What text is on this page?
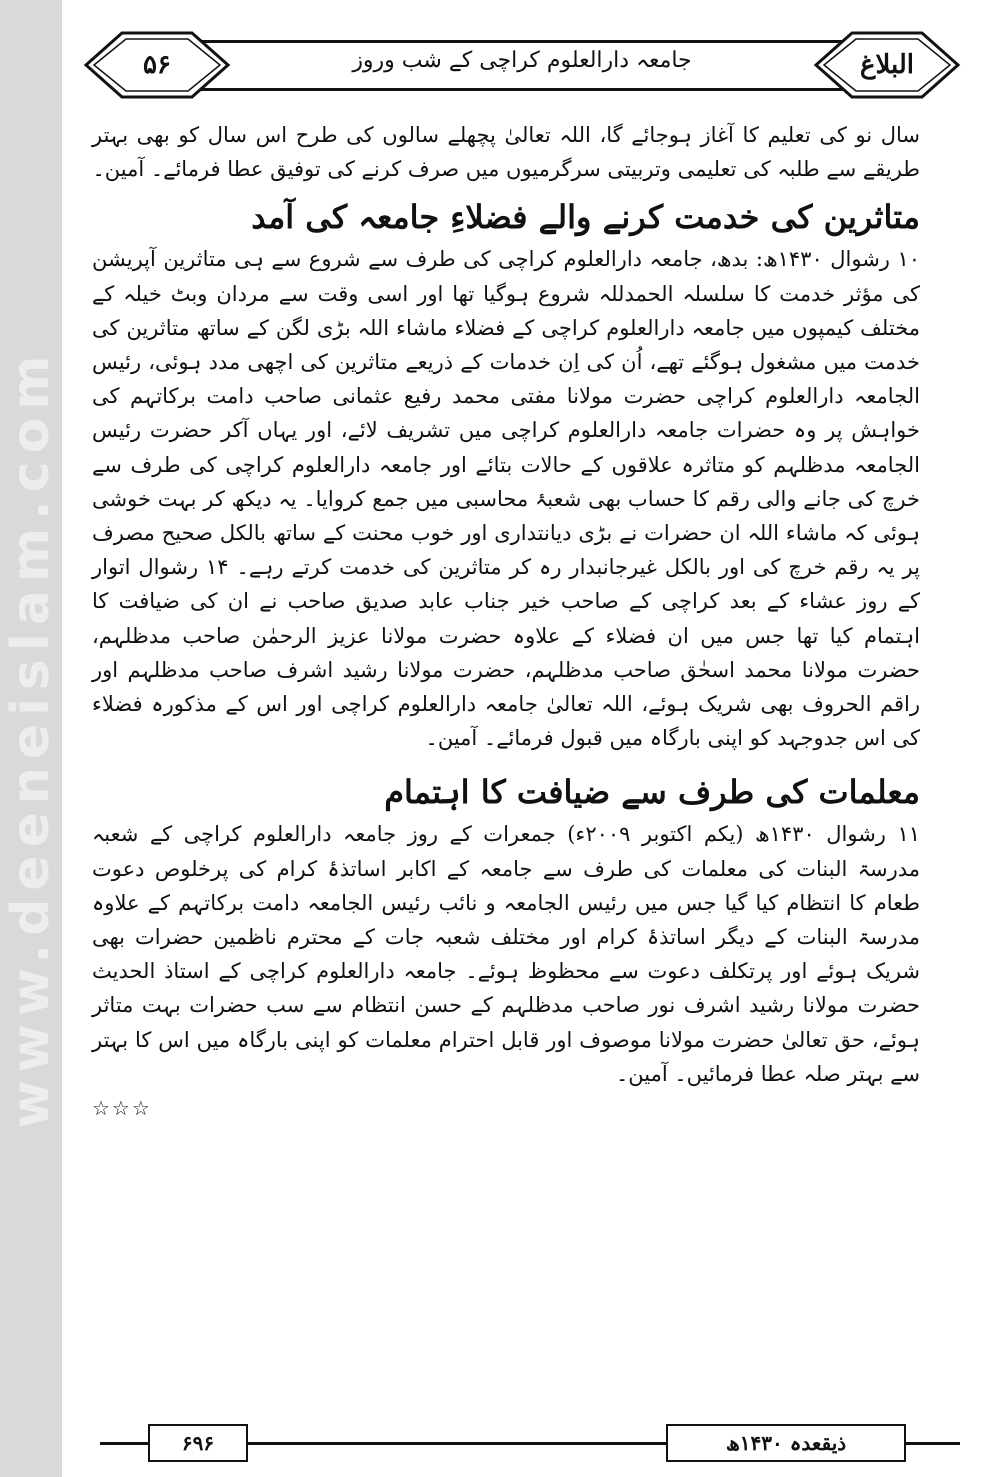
www.deeneislam.com
۵۶	جامعہ دارالعلوم کراچی کے شب وروز	البلاغ

سال نو کی تعلیم کا آغاز ہوجائے گا، اللہ تعالیٰ پچھلے سالوں کی طرح اس سال کو بھی بہتر طریقے سے طلبہ کی تعلیمی وتربیتی سرگرمیوں میں صرف کرنے کی توفیق عطا فرمائے۔ آمین۔

متاثرین کی خدمت کرنے والے فضلاءِ جامعہ کی آمد

۱۰ رشوال ۱۴۳۰ھ: بدھ، جامعہ دارالعلوم کراچی کی طرف سے شروع سے ہی متاثرین آپریشن کی مؤثر خدمت کا سلسلہ الحمدللہ شروع ہوگیا تھا اور اسی وقت سے مردان وبٹ خیلہ کے مختلف کیمپوں میں جامعہ دارالعلوم کراچی کے فضلاء ماشاء اللہ بڑی لگن کے ساتھ متاثرین کی خدمت میں مشغول ہوگئے تھے، اُن کی اِن خدمات کے ذریعے متاثرین کی اچھی مدد ہوئی، رئیس الجامعہ دارالعلوم کراچی حضرت مولانا مفتی محمد رفیع عثمانی صاحب دامت برکاتہم کی خواہش پر وہ حضرات جامعہ دارالعلوم کراچی میں تشریف لائے، اور یہاں آکر حضرت رئیس الجامعہ مدظلہم کو متاثرہ علاقوں کے حالات بتائے اور جامعہ دارالعلوم کراچی کی طرف سے خرچ کی جانے والی رقم کا حساب بھی شعبۂ محاسبی میں جمع کروایا۔ یہ دیکھ کر بہت خوشی ہوئی کہ ماشاء اللہ ان حضرات نے بڑی دیانتداری اور خوب محنت کے ساتھ بالکل صحیح مصرف پر یہ رقم خرچ کی اور بالکل غیرجانبدار رہ کر متاثرین کی خدمت کرتے رہے۔ ۱۴ رشوال اتوار کے روز عشاء کے بعد کراچی کے صاحب خیر جناب عابد صدیق صاحب نے ان کی ضیافت کا اہتمام کیا تھا جس میں ان فضلاء کے علاوہ حضرت مولانا عزیز الرحمٰن صاحب مدظلہم، حضرت مولانا محمد اسحٰق صاحب مدظلہم، حضرت مولانا رشید اشرف صاحب مدظلہم اور راقم الحروف بھی شریک ہوئے، اللہ تعالیٰ جامعہ دارالعلوم کراچی اور اس کے مذکورہ فضلاء کی اس جدوجہد کو اپنی بارگاہ میں قبول فرمائے۔ آمین۔

معلمات کی طرف سے ضیافت کا اہتمام

۱۱ رشوال ۱۴۳۰ھ (یکم اکتوبر ۲۰۰۹ء) جمعرات کے روز جامعہ دارالعلوم کراچی کے شعبہ مدرسۃ البنات کی معلمات کی طرف سے جامعہ کے اکابر اساتذۂ کرام کی پرخلوص دعوت طعام کا انتظام کیا گیا جس میں رئیس الجامعہ و نائب رئیس الجامعہ دامت برکاتہم کے علاوہ مدرسۃ البنات کے دیگر اساتذۂ کرام اور مختلف شعبہ جات کے محترم ناظمین حضرات بھی شریک ہوئے اور پرتکلف دعوت سے محظوظ ہوئے۔ جامعہ دارالعلوم کراچی کے استاذ الحدیث حضرت مولانا رشید اشرف نور صاحب مدظلہم کے حسن انتظام سے سب حضرات بہت متاثر ہوئے، حق تعالیٰ حضرت مولانا موصوف اور قابل احترام معلمات کو اپنی بارگاہ میں اس کا بہتر سے بہتر صلہ عطا فرمائیں۔ آمین۔

☆☆☆

۶۹۶	ذیقعدہ ۱۴۳۰ھ
